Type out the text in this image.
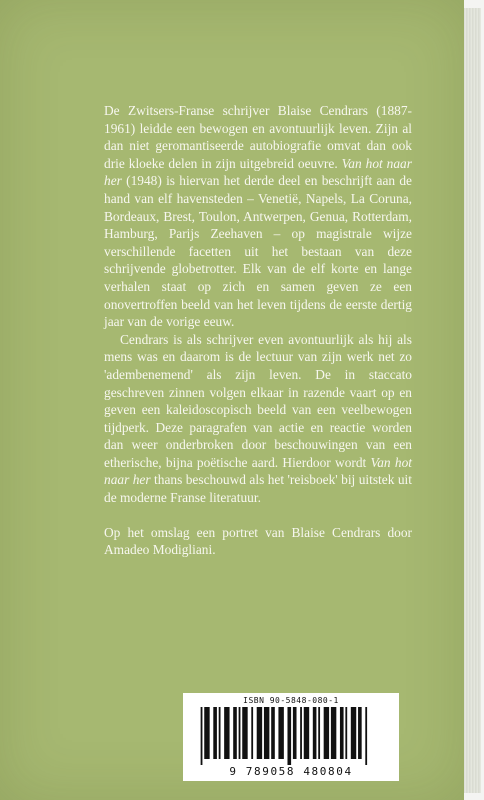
De Zwitsers-Franse schrijver Blaise Cendrars (1887-1961) leidde een bewogen en avontuurlijk leven. Zijn al dan niet geromantiseerde autobiografie omvat dan ook drie kloeke delen in zijn uitgebreid oeuvre. Van hot naar her (1948) is hiervan het derde deel en beschrijft aan de hand van elf havensteden – Venetië, Napels, La Coruna, Bordeaux, Brest, Toulon, Antwerpen, Genua, Rotterdam, Hamburg, Parijs Zeehaven – op magistrale wijze verschillende facetten uit het bestaan van deze schrijvende globetrotter. Elk van de elf korte en lange verhalen staat op zich en samen geven ze een onovertroffen beeld van het leven tijdens de eerste dertig jaar van de vorige eeuw.

Cendrars is als schrijver even avontuurlijk als hij als mens was en daarom is de lectuur van zijn werk net zo 'adembenemend' als zijn leven. De in staccato geschreven zinnen volgen elkaar in razende vaart op en geven een kaleidoscopisch beeld van een veelbewogen tijdperk. Deze paragrafen van actie en reactie worden dan weer onderbroken door beschouwingen van een etherische, bijna poëtische aard. Hierdoor wordt Van hot naar her thans beschouwd als het 'reisboek' bij uitstek uit de moderne Franse literatuur.

Op het omslag een portret van Blaise Cendrars door Amadeo Modigliani.

ISBN 90-5848-080-1
9 789058 480804
